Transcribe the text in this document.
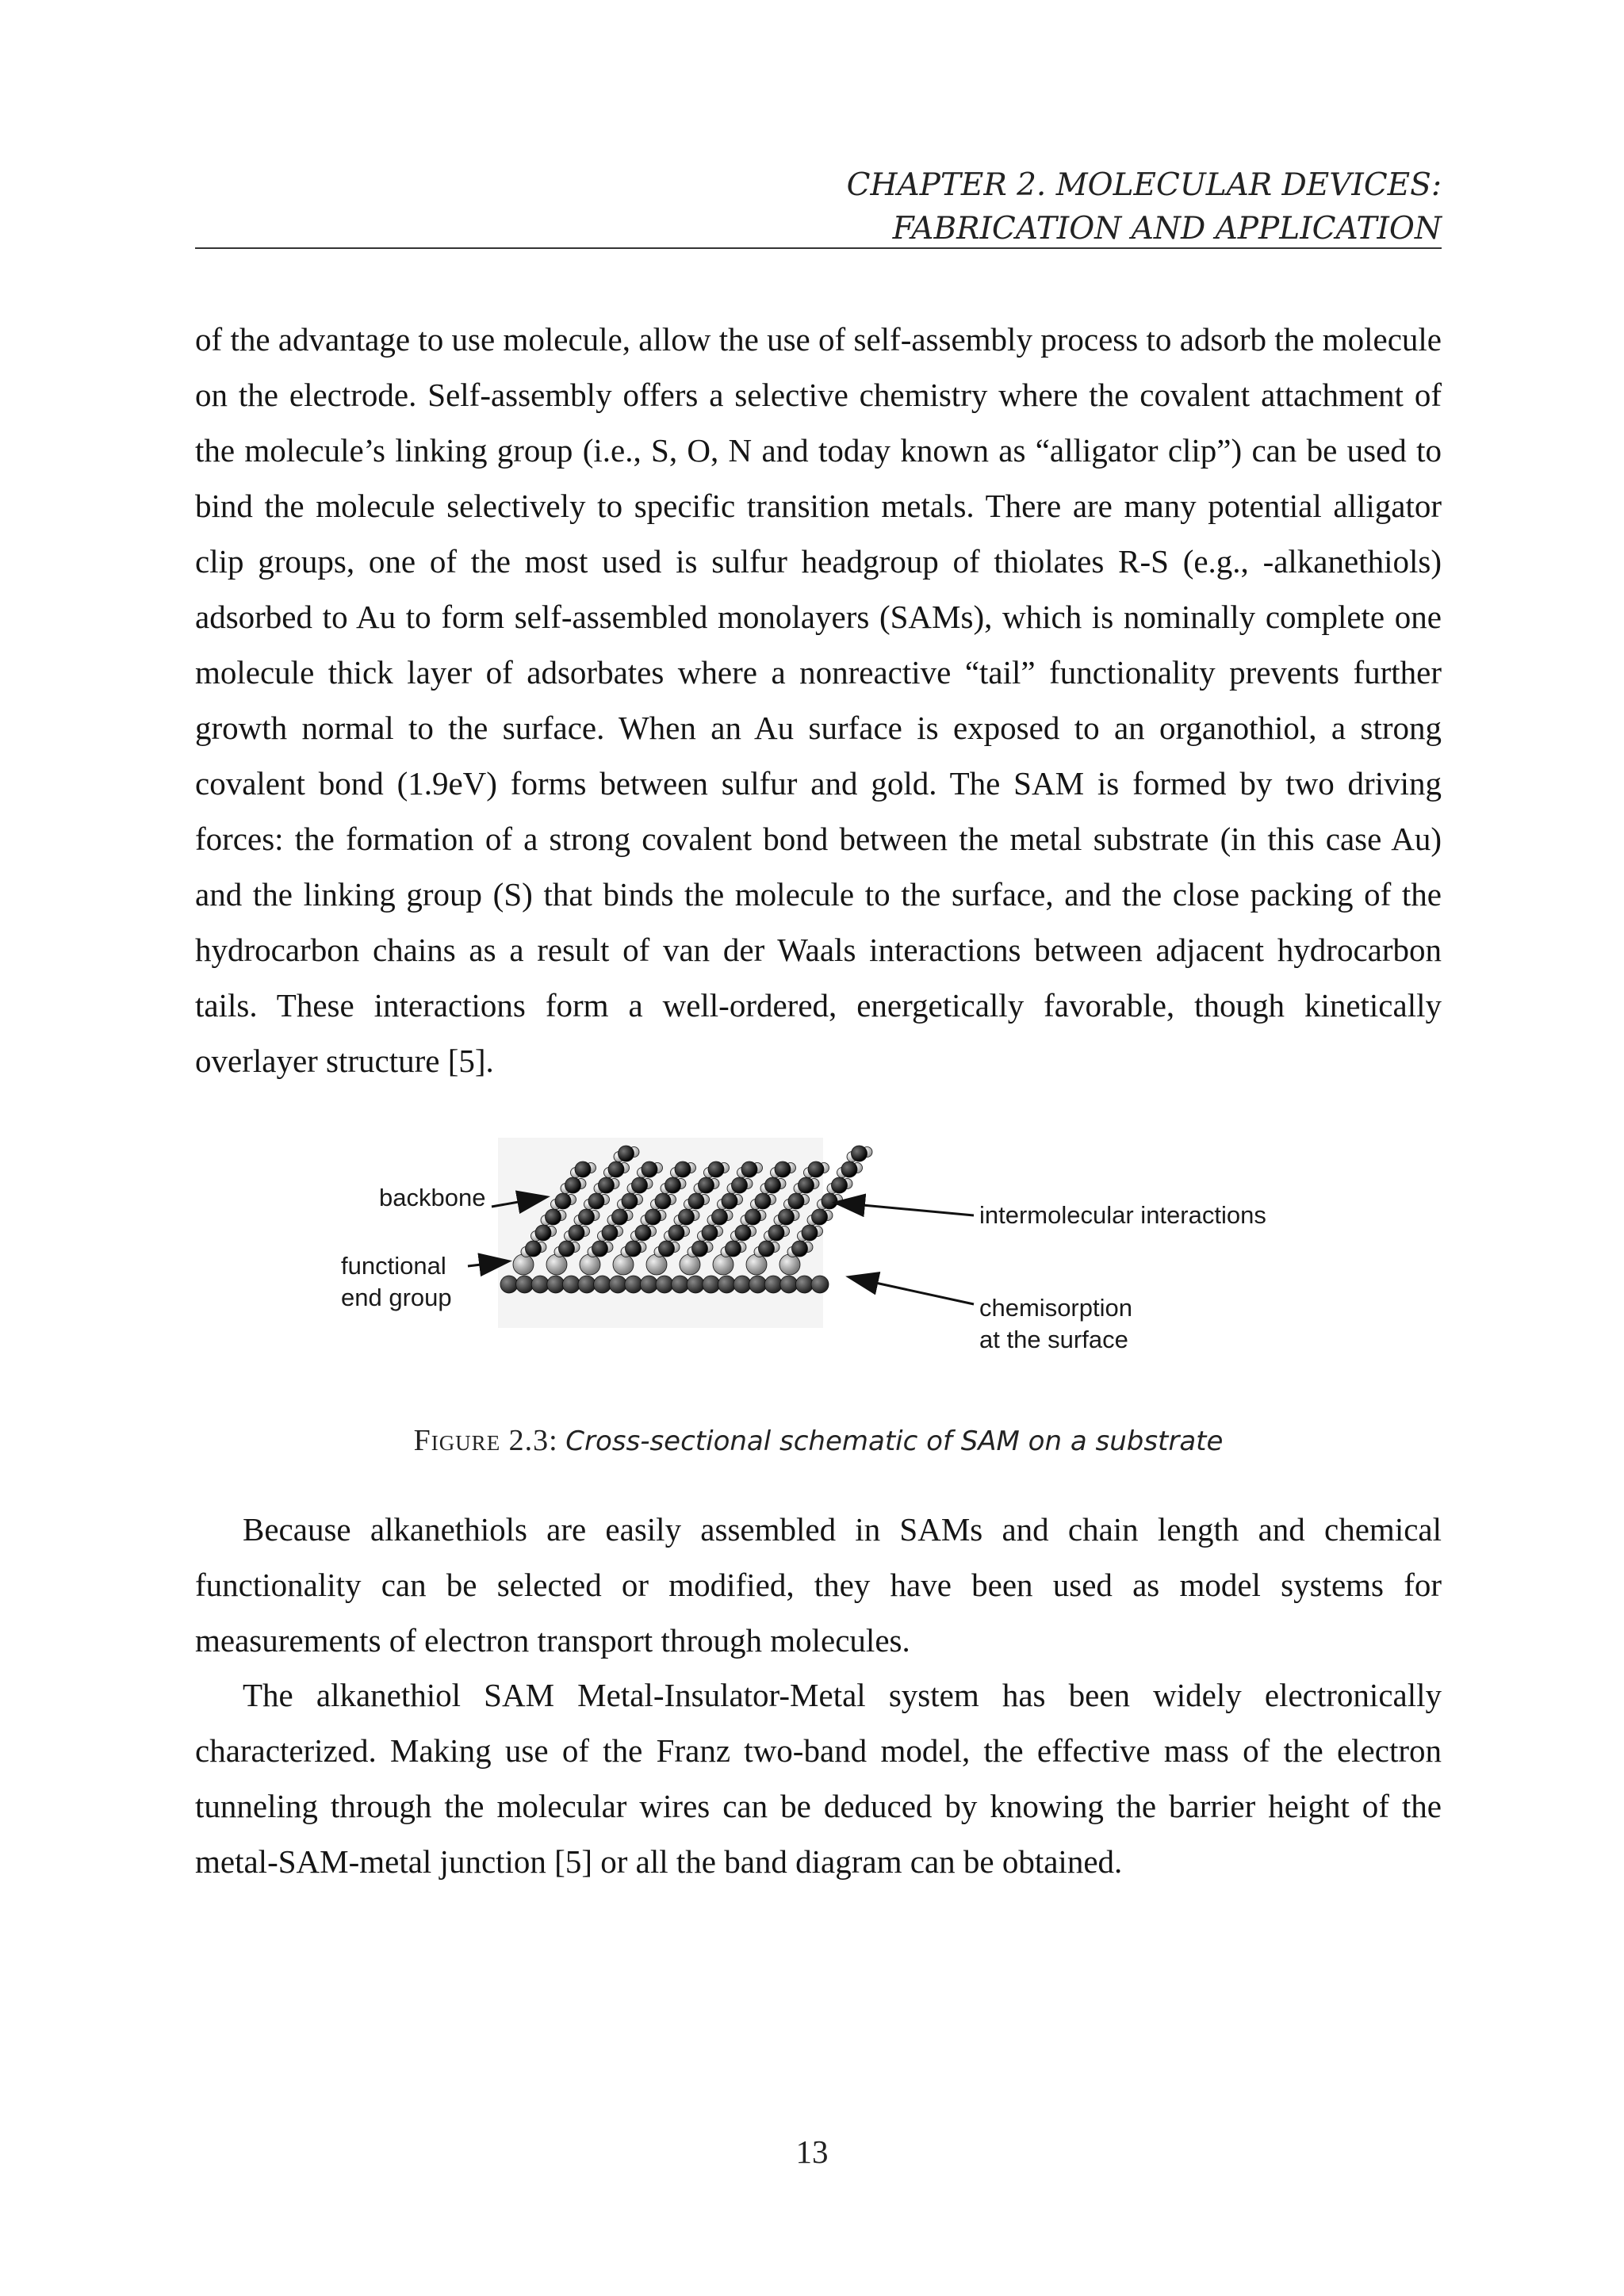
CHAPTER 2. MOLECULAR DEVICES:
FABRICATION AND APPLICATION

of the advantage to use molecule, allow the use of self-assembly process to adsorb the molecule on the electrode. Self-assembly offers a selective chemistry where the covalent attachment of the molecule’s linking group (i.e., S, O, N and today known as “alligator clip”) can be used to bind the molecule selectively to specific transition metals. There are many potential alligator clip groups, one of the most used is sulfur headgroup of thiolates R-S (e.g., -alkanethiols) adsorbed to Au to form self-assembled monolayers (SAMs), which is nominally complete one molecule thick layer of adsorbates where a nonreactive “tail” functionality prevents further growth normal to the surface. When an Au surface is exposed to an organothiol, a strong covalent bond (1.9eV) forms between sulfur and gold. The SAM is formed by two driving forces: the formation of a strong covalent bond between the metal substrate (in this case Au) and the linking group (S) that binds the molecule to the surface, and the close packing of the hydrocarbon chains as a result of van der Waals interactions between adjacent hydrocarbon tails. These interactions form a well-ordered, energetically favorable, though kinetically overlayer structure [5].

backbone
functional
end group
intermolecular interactions
chemisorption
at the surface
Figure 2.3: Cross-sectional schematic of SAM on a substrate

Because alkanethiols are easily assembled in SAMs and chain length and chemical functionality can be selected or modified, they have been used as model systems for measurements of electron transport through molecules.

The alkanethiol SAM Metal-Insulator-Metal system has been widely electronically characterized. Making use of the Franz two-band model, the effective mass of the electron tunneling through the molecular wires can be deduced by knowing the barrier height of the metal-SAM-metal junction [5] or all the band diagram can be obtained.

13
